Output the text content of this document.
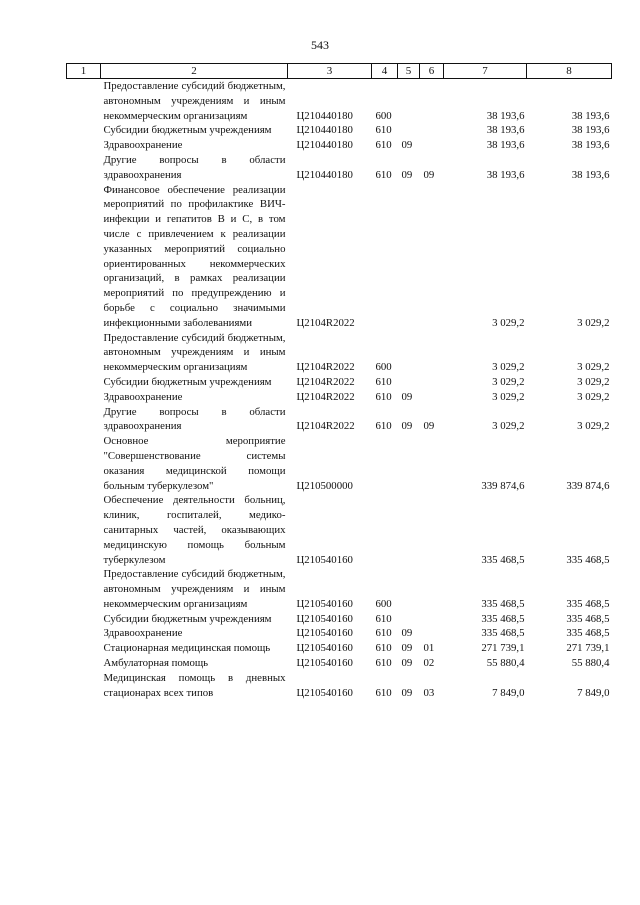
543
1	2	3	4	5	6	7	8
	Предоставление субсидий бюджетным, автономным учреждениям и иным некоммерческим организациям	Ц210440180	600			38 193,6	38 193,6
	Субсидии бюджетным учреждениям	Ц210440180	610			38 193,6	38 193,6
	Здравоохранение	Ц210440180	610	09		38 193,6	38 193,6
	Другие вопросы в области здравоохранения	Ц210440180	610	09	09	38 193,6	38 193,6
	Финансовое обеспечение реализации мероприятий по профилактике ВИЧ-инфекции и гепатитов B и C, в том числе с привлечением к реализации указанных мероприятий социально ориентированных некоммерческих организаций, в рамках реализации мероприятий по предупреждению и борьбе с социально значимыми инфекционными заболеваниями	Ц2104R2022				3 029,2	3 029,2
	Предоставление субсидий бюджетным, автономным учреждениям и иным некоммерческим организациям	Ц2104R2022	600			3 029,2	3 029,2
	Субсидии бюджетным учреждениям	Ц2104R2022	610			3 029,2	3 029,2
	Здравоохранение	Ц2104R2022	610	09		3 029,2	3 029,2
	Другие вопросы в области здравоохранения	Ц2104R2022	610	09	09	3 029,2	3 029,2
	Основное мероприятие "Совершенствование системы оказания медицинской помощи больным туберкулезом"	Ц210500000				339 874,6	339 874,6
	Обеспечение деятельности больниц, клиник, госпиталей, медико-санитарных частей, оказывающих медицинскую помощь больным туберкулезом	Ц210540160				335 468,5	335 468,5
	Предоставление субсидий бюджетным, автономным учреждениям и иным некоммерческим организациям	Ц210540160	600			335 468,5	335 468,5
	Субсидии бюджетным учреждениям	Ц210540160	610			335 468,5	335 468,5
	Здравоохранение	Ц210540160	610	09		335 468,5	335 468,5
	Стационарная медицинская помощь	Ц210540160	610	09	01	271 739,1	271 739,1
	Амбулаторная помощь	Ц210540160	610	09	02	55 880,4	55 880,4
	Медицинская помощь в дневных стационарах всех типов	Ц210540160	610	09	03	7 849,0	7 849,0
